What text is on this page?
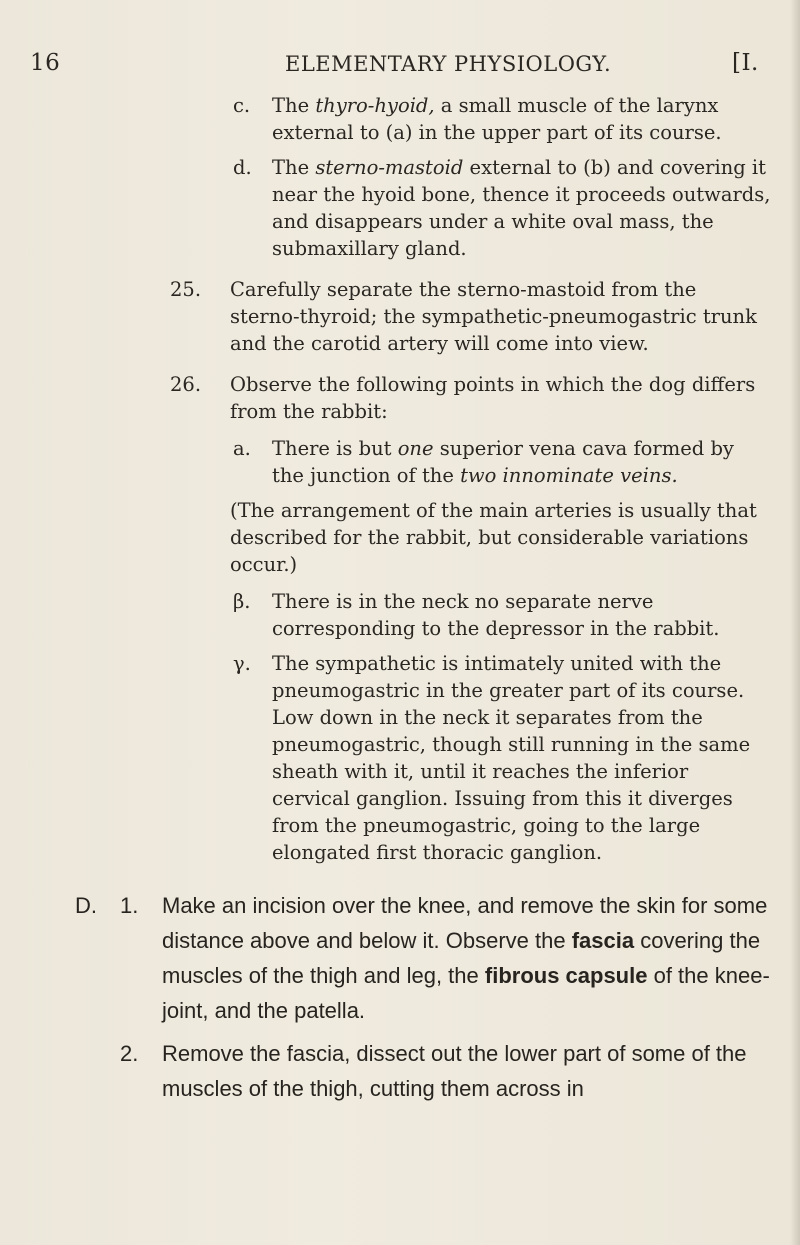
16	ELEMENTARY PHYSIOLOGY.	[I.

c. The thyro-hyoid, a small muscle of the larynx external to (a) in the upper part of its course.

d. The sterno-mastoid external to (b) and covering it near the hyoid bone, thence it proceeds outwards, and disappears under a white oval mass, the submaxillary gland.

25. Carefully separate the sterno-mastoid from the sterno-thyroid; the sympathetic-pneumogastric trunk and the carotid artery will come into view.

26. Observe the following points in which the dog differs from the rabbit:

a. There is but one superior vena cava formed by the junction of the two innominate veins.

(The arrangement of the main arteries is usually that described for the rabbit, but considerable variations occur.)

β. There is in the neck no separate nerve corresponding to the depressor in the rabbit.

γ. The sympathetic is intimately united with the pneumogastric in the greater part of its course. Low down in the neck it separates from the pneumogastric, though still running in the same sheath with it, until it reaches the inferior cervical ganglion. Issuing from this it diverges from the pneumogastric, going to the large elongated first thoracic ganglion.

D. 1. Make an incision over the knee, and remove the skin for some distance above and below it. Observe the fascia covering the muscles of the thigh and leg, the fibrous capsule of the knee-joint, and the patella.

2. Remove the fascia, dissect out the lower part of some of the muscles of the thigh, cutting them across in
